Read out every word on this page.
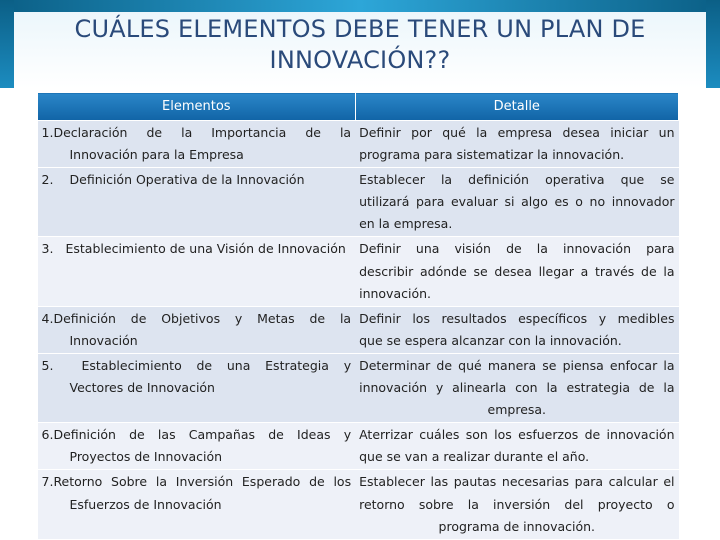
CUÁLES ELEMENTOS DEBE TENER UN PLAN DE
INNOVACIÓN??
Elementos	Detalle

1.Declaración de la Importancia de la
Innovación para la Empresa	Definir por qué la empresa desea iniciar un
programa para sistematizar la innovación.

2. Definición Operativa de la Innovación	Establecer la definición operativa que se
utilizará para evaluar si algo es o no innovador
en la empresa.

3. Establecimiento de una Visión de Innovación	Definir una visión de la innovación para
describir adónde se desea llegar a través de la
innovación.

4.Definición de Objetivos y Metas de la
Innovación	Definir los resultados específicos y medibles
que se espera alcanzar con la innovación.

5. Establecimiento de una Estrategia y
Vectores de Innovación	Determinar de qué manera se piensa enfocar la
innovación y alinearla con la estrategia de la
empresa.

6.Definición de las Campañas de Ideas y
Proyectos de Innovación	Aterrizar cuáles son los esfuerzos de innovación
que se van a realizar durante el año.

7.Retorno Sobre la Inversión Esperado de los
Esfuerzos de Innovación	Establecer las pautas necesarias para calcular el
retorno sobre la inversión del proyecto o
programa de innovación.
